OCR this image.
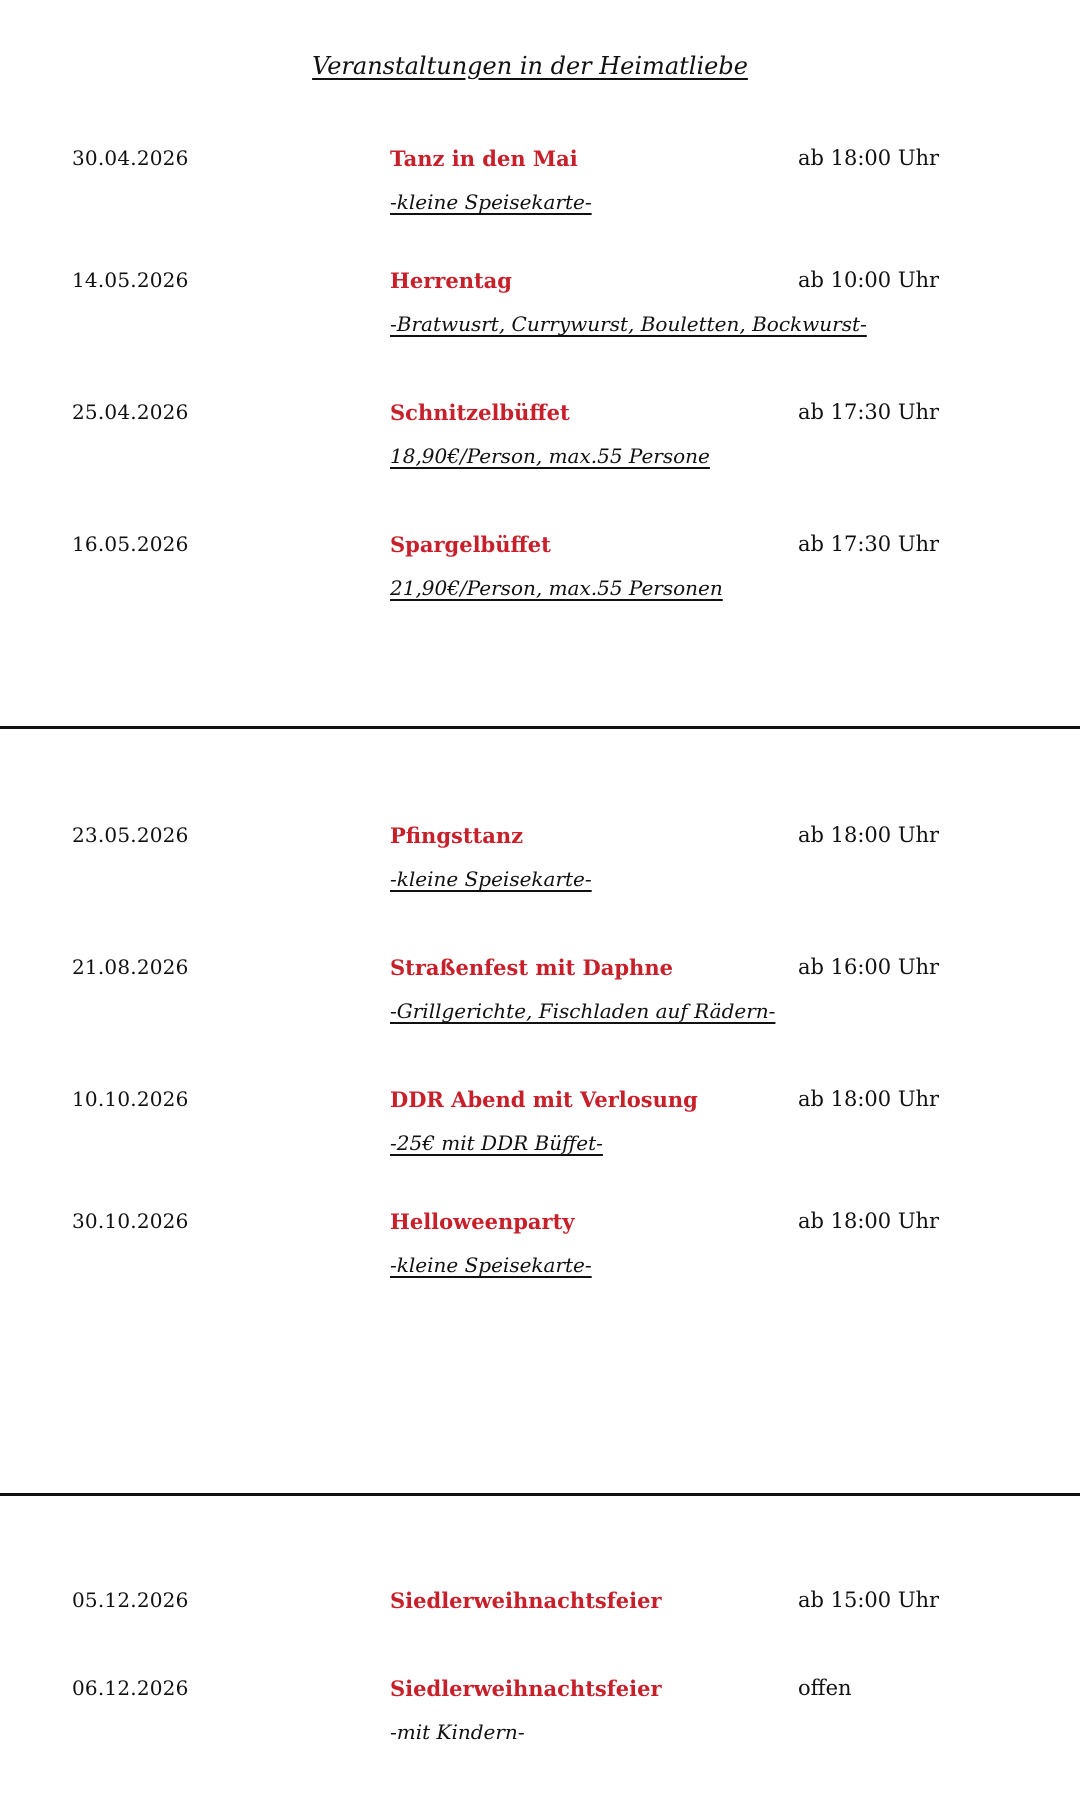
Veranstaltungen in der Heimatliebe
30.04.2026	Tanz in den Mai	ab 18:00 Uhr
-kleine Speisekarte-
14.05.2026	Herrentag	ab 10:00 Uhr
-Bratwusrt, Currywurst, Bouletten, Bockwurst-
25.04.2026	Schnitzelbüffet	ab 17:30 Uhr
18,90€/Person, max.55 Persone
16.05.2026	Spargelbüffet	ab 17:30 Uhr
21,90€/Person, max.55 Personen
23.05.2026	Pfingsttanz	ab 18:00 Uhr
-kleine Speisekarte-
21.08.2026	Straßenfest mit Daphne	ab 16:00 Uhr
-Grillgerichte, Fischladen auf Rädern-
10.10.2026	DDR Abend mit Verlosung	ab 18:00 Uhr
-25€ mit DDR Büffet-
30.10.2026	Helloweenparty	ab 18:00 Uhr
-kleine Speisekarte-
05.12.2026	Siedlerweihnachtsfeier	ab 15:00 Uhr
06.12.2026	Siedlerweihnachtsfeier	offen
-mit Kindern-
